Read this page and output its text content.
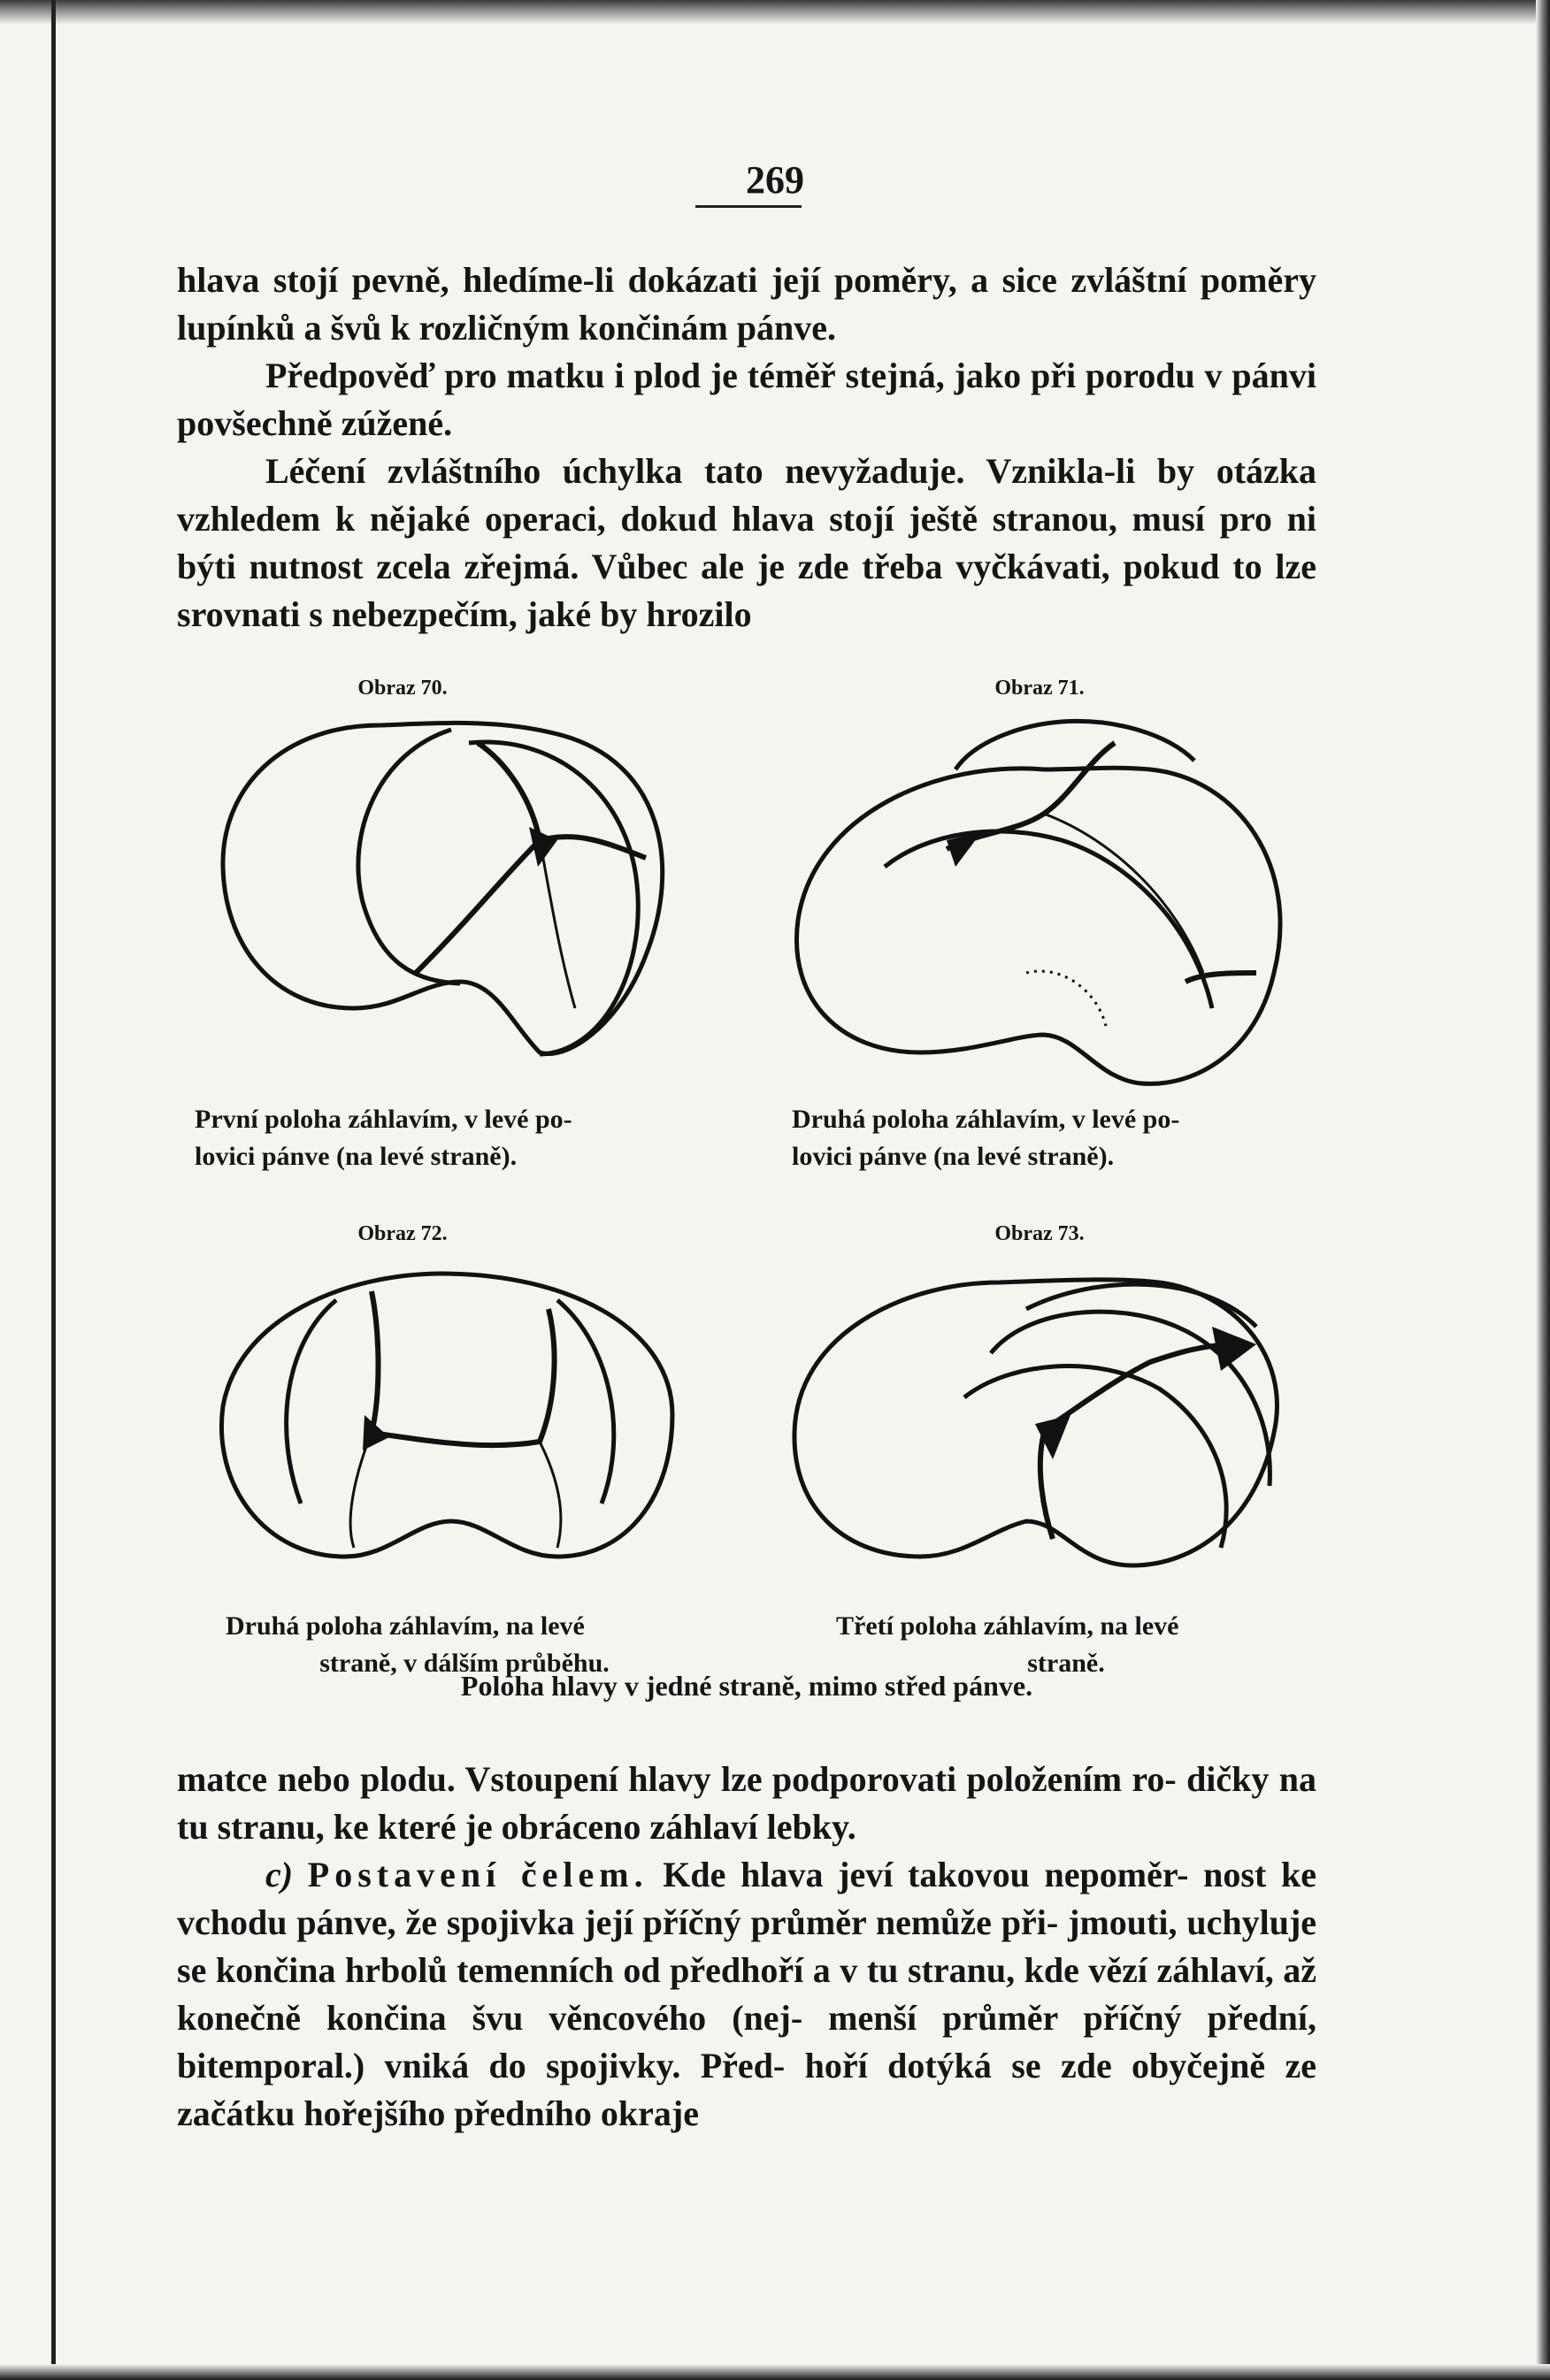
269

hlava stojí pevně, hledíme-li dokázati její poměry, a sice zvláštní poměry lupínků a švů k rozličným končinám pánve.

Předpověď pro matku i plod je téměř stejná, jako při porodu v pánvi povšechně zúžené.

Léčení zvláštního úchylka tato nevyžaduje. Vznikla-li by otázka vzhledem k nějaké operaci, dokud hlava stojí ještě stranou, musí pro ni býti nutnost zcela zřejmá. Vůbec ale je zde třeba vyčkávati, pokud to lze srovnati s nebezpečím, jaké by hrozilo

Obraz 70.	Obraz 71.
Obraz 72.	Obraz 73.
První poloha záhlavím, v levé po-
lovici pánve (na levé straně).
Druhá poloha záhlavím, v levé po-
lovici pánve (na levé straně).
Druhá poloha záhlavím, na levé

straně, v dálším průběhu.
Třetí poloha záhlavím, na levé

straně.
Poloha hlavy v jedné straně, mimo střed pánve.

matce nebo plodu. Vstoupení hlavy lze podporovati položením ro- dičky na tu stranu, ke které je obráceno záhlaví lebky.

c) Postavení čelem. Kde hlava jeví takovou nepoměr- nost ke vchodu pánve, že spojivka její příčný průměr nemůže při- jmouti, uchyluje se končina hrbolů temenních od předhoří a v tu stranu, kde vězí záhlaví, až konečně končina švu věncového (nej- menší průměr příčný přední, bitemporal.) vniká do spojivky. Před- hoří dotýká se zde obyčejně ze začátku hořejšího předního okraje
